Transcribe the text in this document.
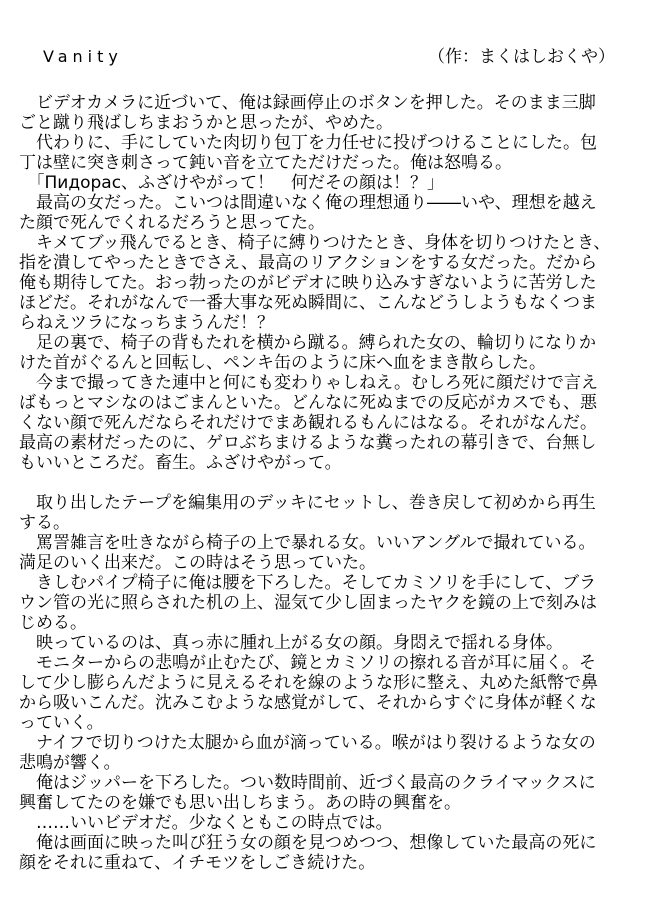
Vanity	（作：まくはしおくや）
　ビデオカメラに近づいて、俺は録画停止のボタンを押した。そのまま三脚
ごと蹴り飛ばしちまおうかと思ったが、やめた。
　代わりに、手にしていた肉切り包丁を力任せに投げつけることにした。包
丁は壁に突き刺さって鈍い音を立てただけだった。俺は怒鳴る。
　「Пидорас、ふざけやがって！　何だその顔は！？」
　最高の女だった。こいつは間違いなく俺の理想通り――いや、理想を越え
た顔で死んでくれるだろうと思ってた。
　キメてブッ飛んでるとき、椅子に縛りつけたとき、身体を切りつけたとき、
指を潰してやったときでさえ、最高のリアクションをする女だった。だから
俺も期待してた。おっ勃ったのがビデオに映り込みすぎないように苦労した
ほどだ。それがなんで一番大事な死ぬ瞬間に、こんなどうしようもなくつま
らねえツラになっちまうんだ！？
　足の裏で、椅子の背もたれを横から蹴る。縛られた女の、輪切りになりか
けた首がぐるんと回転し、ペンキ缶のように床へ血をまき散らした。
　今まで撮ってきた連中と何にも変わりゃしねえ。むしろ死に顔だけで言え
ばもっとマシなのはごまんといた。どんなに死ぬまでの反応がカスでも、悪
くない顔で死んだならそれだけでまあ観れるもんにはなる。それがなんだ。
最高の素材だったのに、ゲロぶちまけるような糞ったれの幕引きで、台無し
もいいところだ。畜生。ふざけやがって。

　取り出したテープを編集用のデッキにセットし、巻き戻して初めから再生
する。
　罵詈雑言を吐きながら椅子の上で暴れる女。いいアングルで撮れている。
満足のいく出来だ。この時はそう思っていた。
　きしむパイプ椅子に俺は腰を下ろした。そしてカミソリを手にして、ブラ
ウン管の光に照らされた机の上、湿気て少し固まったヤクを鏡の上で刻みは
じめる。
　映っているのは、真っ赤に腫れ上がる女の顔。身悶えで揺れる身体。
　モニターからの悲鳴が止むたび、鏡とカミソリの擦れる音が耳に届く。そ
して少し膨らんだように見えるそれを線のような形に整え、丸めた紙幣で鼻
から吸いこんだ。沈みこむような感覚がして、それからすぐに身体が軽くな
っていく。
　ナイフで切りつけた太腿から血が滴っている。喉がはり裂けるような女の
悲鳴が響く。
　俺はジッパーを下ろした。つい数時間前、近づく最高のクライマックスに
興奮してたのを嫌でも思い出しちまう。あの時の興奮を。
　……いいビデオだ。少なくともこの時点では。
　俺は画面に映った叫び狂う女の顔を見つめつつ、想像していた最高の死に
顔をそれに重ねて、イチモツをしごき続けた。
